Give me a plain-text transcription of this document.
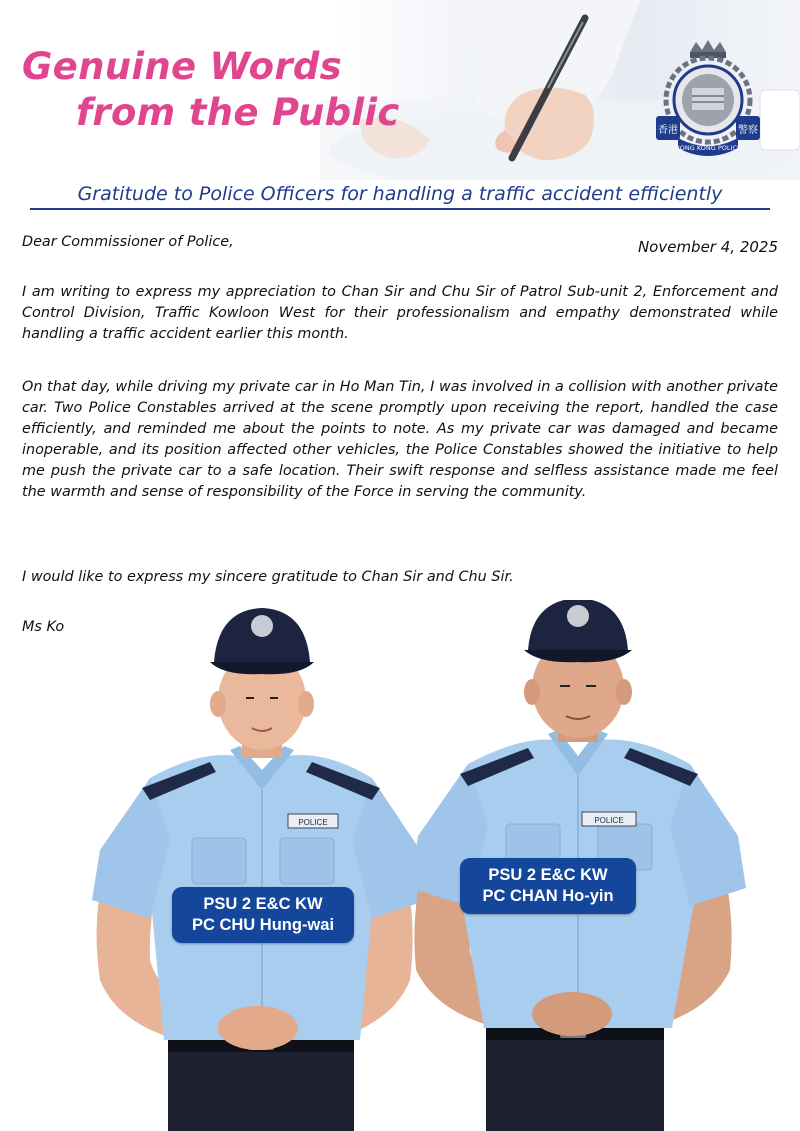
Genuine Words
from the Public	香港	警察
HONG KONG POLICE
Gratitude to Police Officers for handling a traffic accident efficiently
Dear Commissioner of Police,	November 4, 2025
I am writing to express my appreciation to Chan Sir and Chu Sir of Patrol Sub-unit 2, Enforcement and Control Division, Traffic Kowloon West for their professionalism and empathy demonstrated while handling a traffic accident earlier this month.
On that day, while driving my private car in Ho Man Tin, I was involved in a collision with another private car. Two Police Constables arrived at the scene promptly upon receiving the report, handled the case efficiently, and reminded me about the points to note. As my private car was damaged and became inoperable, and its position affected other vehicles, the Police Constables showed the initiative to help me push the private car to a safe location. Their swift response and selfless assistance made me feel the warmth and sense of responsibility of the Force in serving the community.
I would like to express my sincere gratitude to Chan Sir and Chu Sir.
Ms Ko
POLICE	POLICE
PSU 2 E&C KW
PC CHU Hung-wai
PSU 2 E&C KW
PC CHAN Ho-yin
